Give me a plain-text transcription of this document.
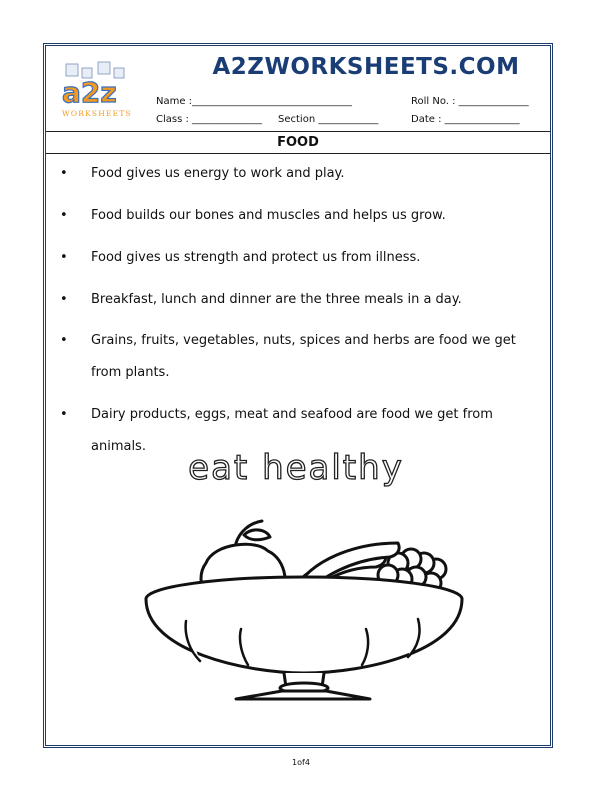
a2z
WORKSHEETS
A2ZWORKSHEETS.COM
Name :________________________________	Roll No. : ______________
Class : ______________ Section ____________	Date : _______________
FOOD
• Food gives us energy to work and play.
• Food builds our bones and muscles and helps us grow.
• Food gives us strength and protect us from illness.
• Breakfast, lunch and dinner are the three meals in a day.
• Grains, fruits, vegetables, nuts, spices and herbs are food we get from plants.
• Dairy products, eggs, meat and seafood are food we get from animals.
eat healthy
1of4
